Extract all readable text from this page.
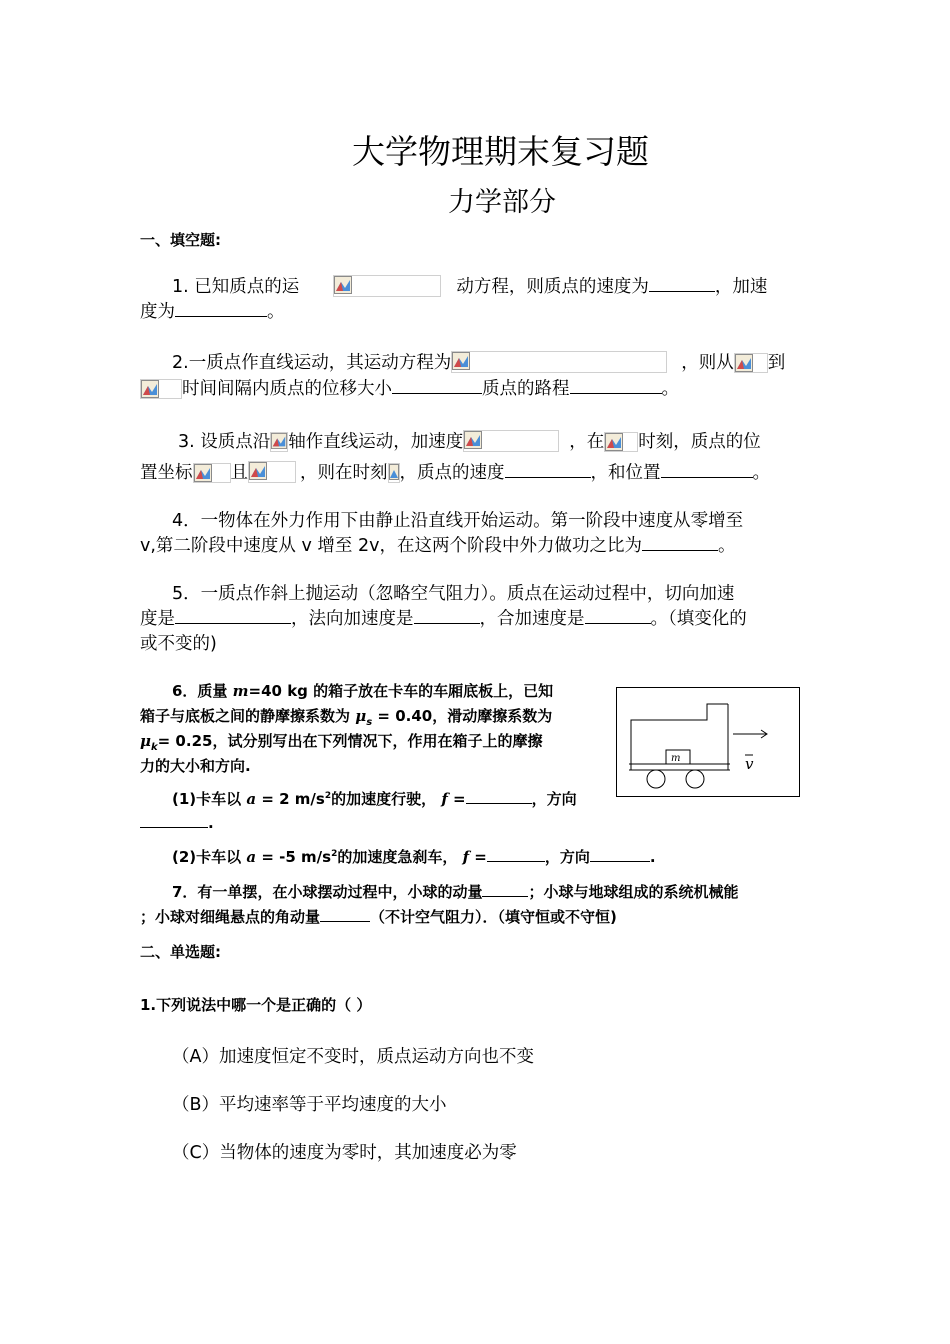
大学物理期末复习题
力学部分
一、填空题:
1. 已知质点的运	动方程，则质点的速度为	，加速
度为	。
2.一质点作直线运动，其运动方程为	，则从 到
时间间隔内质点的位移大小	质点的路程	。
3. 设质点沿 轴作直线运动，加速度	，在 时刻，质点的位
置坐标 且	，则在时刻 ，质点的速度	，和位置	。
4．一物体在外力作用下由静止沿直线开始运动。第一阶段中速度从零增至
v,第二阶段中速度从 v 增至 2v，在这两个阶段中外力做功之比为	。
5．一质点作斜上抛运动（忽略空气阻力）。质点在运动过程中，切向加速
度是	，法向加速度是	，合加速度是	。（填变化的
或不变的)
6．质量 m=40 kg 的箱子放在卡车的车厢底板上，已知
箱子与底板之间的静摩擦系数为 $\mu_s = 0.40$，滑动摩擦系数为
$\mu_k= 0.25$，试分别写出在下列情况下，作用在箱子上的摩擦
力的大小和方向.
(1)卡车以 a = 2 $m/s^2$的加速度行驶， f =	，方向
.
(2)卡车以 a = -5 $m/s^2$的加速度急刹车， f =	，方向	.
v
m
7．有一单摆，在小球摆动过程中，小球的动量	；小球与地球组成的系统机械能
；小球对细绳悬点的角动量	（不计空气阻力）．（填守恒或不守恒)
二、单选题:
1.下列说法中哪一个是正确的（ ）
（A）加速度恒定不变时，质点运动方向也不变
（B）平均速率等于平均速度的大小
（C）当物体的速度为零时，其加速度必为零
